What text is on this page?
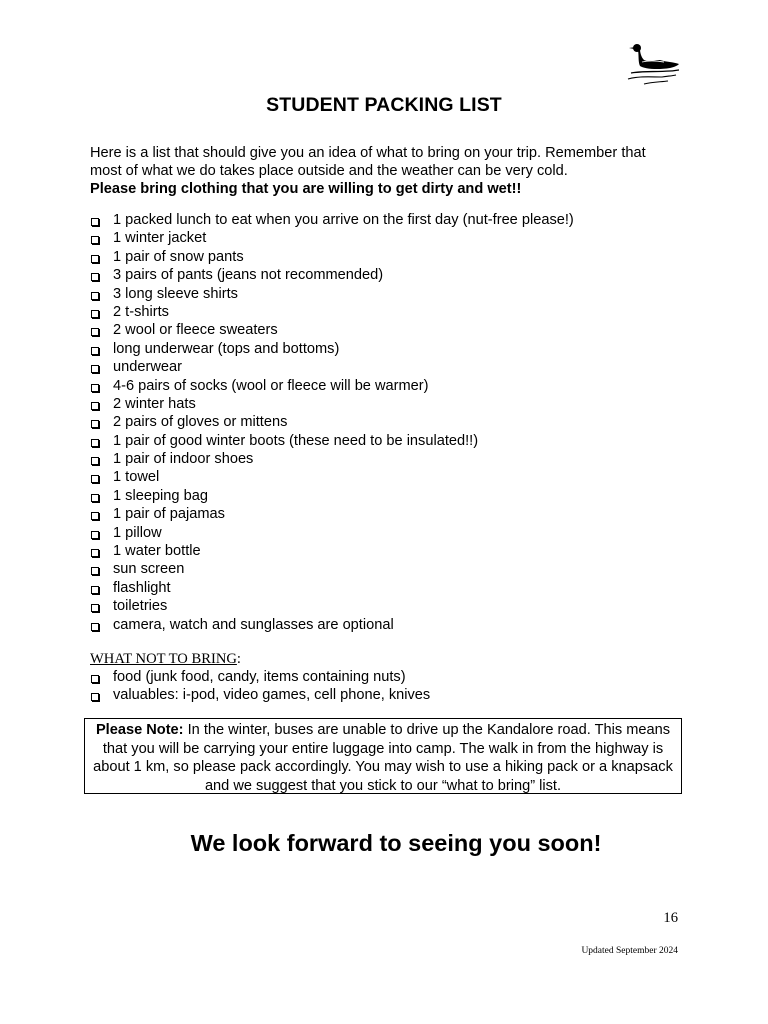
STUDENT PACKING LIST
Here is a list that should give you an idea of what to bring on your trip. Remember that
most of what we do takes place outside and the weather can be very cold.
Please bring clothing that you are willing to get dirty and wet!!
1 packed lunch to eat when you arrive on the first day (nut-free please!)
1 winter jacket
1 pair of snow pants
3 pairs of pants (jeans not recommended)
3 long sleeve shirts
2 t-shirts
2 wool or fleece sweaters
long underwear (tops and bottoms)
underwear
4-6 pairs of socks (wool or fleece will be warmer)
2 winter hats
2 pairs of gloves or mittens
1 pair of good winter boots (these need to be insulated!!)
1 pair of indoor shoes
1 towel
1 sleeping bag
1 pair of pajamas
1 pillow
1 water bottle
sun screen
flashlight
toiletries
camera, watch and sunglasses are optional
WHAT NOT TO BRING:
food (junk food, candy, items containing nuts)
valuables: i-pod, video games, cell phone, knives
Please Note: In the winter, buses are unable to drive up the Kandalore road. This means that you will be carrying your entire luggage into camp. The walk in from the highway is about 1 km, so please pack accordingly. You may wish to use a hiking pack or a knapsack and we suggest that you stick to our “what to bring” list.
We look forward to seeing you soon!
16
Updated September 2024
